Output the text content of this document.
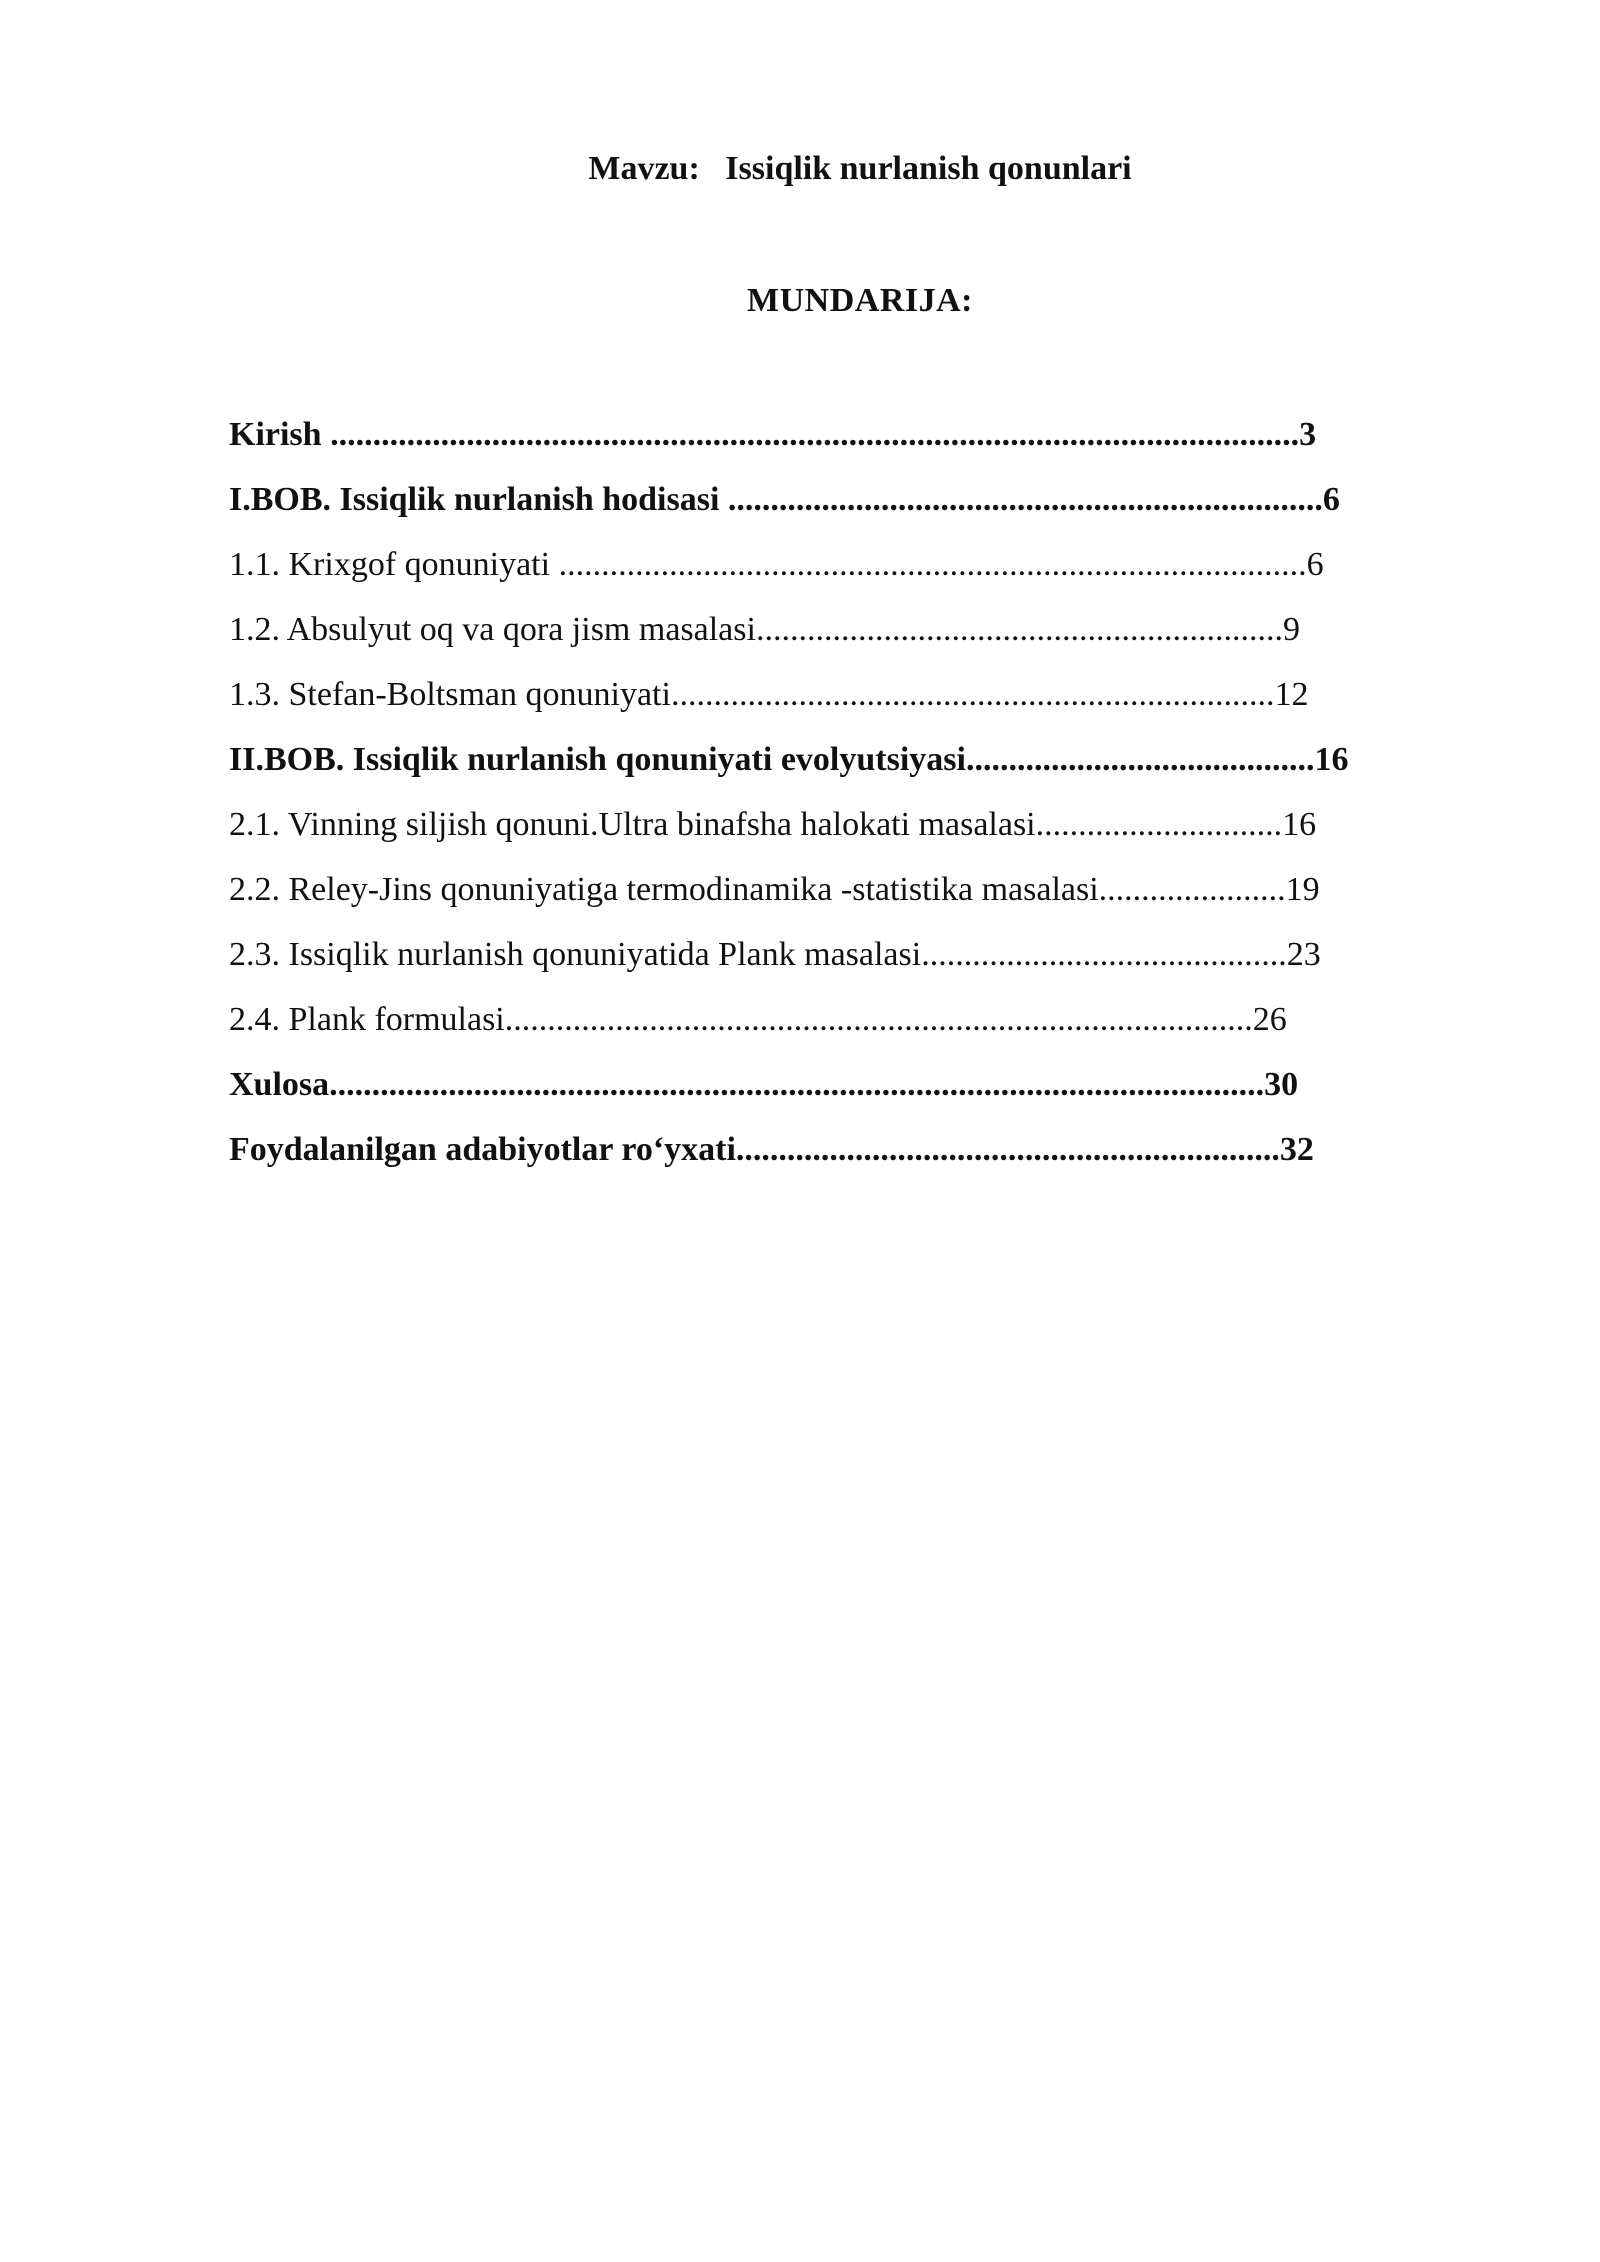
Mavzu: Issiqlik nurlanish qonunlari
MUNDARIJA:
Kirish ..................................................................................................................3
I.BOB. Issiqlik nurlanish hodisasi ......................................................................6
1.1. Krixgof qonuniyati ........................................................................................6
1.2. Absulyut oq va qora jism masalasi..............................................................9
1.3. Stefan-Boltsman qonuniyati.......................................................................12
II.BOB. Issiqlik nurlanish qonuniyati evolyutsiyasi.........................................16
2.1. Vinning siljish qonuni.Ultra binafsha halokati masalasi.............................16
2.2. Reley-Jins qonuniyatiga termodinamika -statistika masalasi......................19
2.3. Issiqlik nurlanish qonuniyatida Plank masalasi...........................................23
2.4. Plank formulasi........................................................................................26
Xulosa..............................................................................................................30
Foydalanilgan adabiyotlar ro‘yxati................................................................32
